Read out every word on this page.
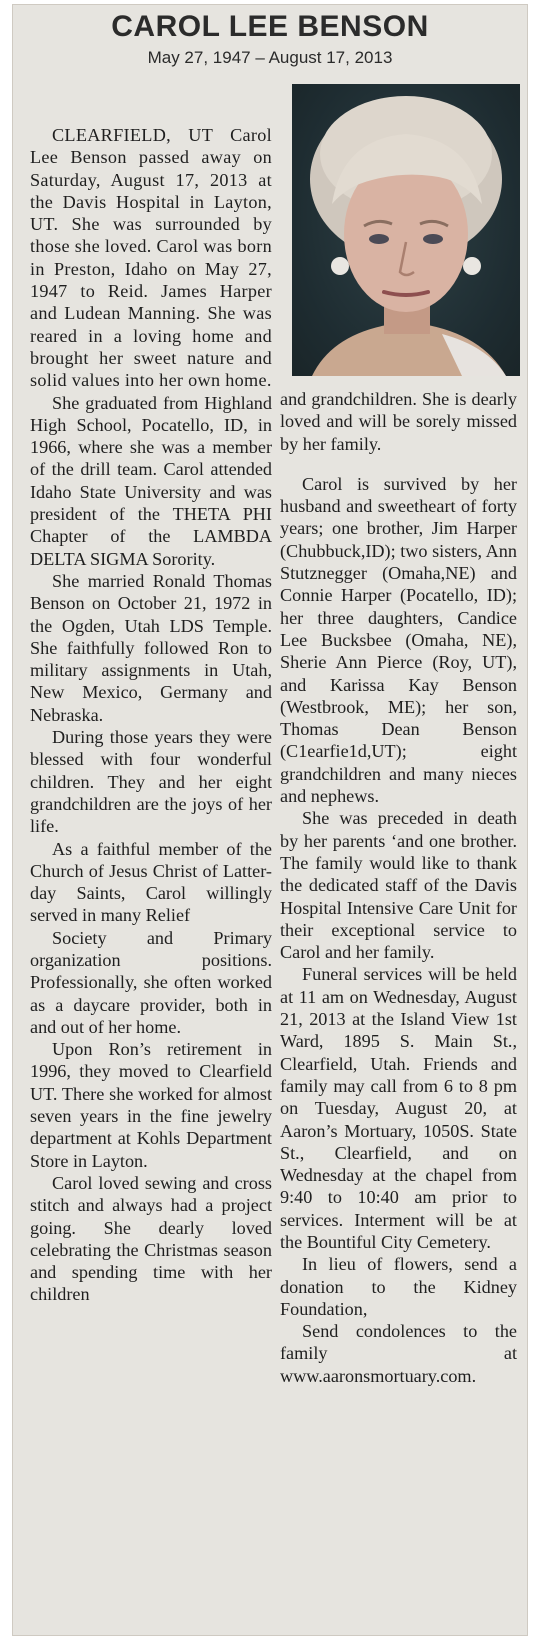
CAROL LEE BENSON
May 27, 1947 – August 17, 2013

CLEARFIELD, UT Carol Lee Benson passed away on Saturday, August 17, 2013 at the Davis Hospital in Layton, UT. She was surrounded by those she loved. Carol was born in Preston, Idaho on May 27, 1947 to Reid. James Harper and Ludean Manning. She was reared in a loving home and brought her sweet nature and solid values into her own home.

She graduated from Highland High School, Pocatello, ID, in 1966, where she was a member of the drill team. Carol attended Idaho State University and was president of the THETA PHI Chapter of the LAMBDA DELTA SIGMA Sorority.

She married Ronald Thomas Benson on October 21, 1972 in the Ogden, Utah LDS Temple. She faithfully followed Ron to military assignments in Utah, New Mexico, Germany and Nebraska.

During those years they were blessed with four wonderful children. They and her eight grandchildren are the joys of her life.

As a faithful member of the Church of Jesus Christ of Latter-day Saints, Carol willingly served in many Relief

Society and Primary organization positions. Professionally, she often worked as a daycare provider, both in and out of her home.

Upon Ron’s retirement in 1996, they moved to Clearfield UT. There she worked for almost seven years in the fine jewelry department at Kohls Department Store in Layton.

Carol loved sewing and cross stitch and always had a project going. She dearly loved celebrating the Christmas season and spending time with her children

and grandchildren. She is dearly loved and will be sorely missed by her family.

Carol is survived by her husband and sweetheart of forty years; one brother, Jim Harper (Chubbuck,ID); two sisters, Ann Stutznegger (Omaha,NE) and Connie Harper (Pocatello, ID); her three daughters, Candice Lee Bucksbee (Omaha, NE), Sherie Ann Pierce (Roy, UT), and Karissa Kay Benson (Westbrook, ME); her son, Thomas Dean Benson (C1earfie1d,UT); eight grandchildren and many nieces and nephews.

She was preceded in death by her parents ‘and one brother. The family would like to thank the dedicated staff of the Davis Hospital Intensive Care Unit for their exceptional service to Carol and her family.

Funeral services will be held at 11 am on Wednesday, August 21, 2013 at the Island View 1st Ward, 1895 S. Main St., Clearfield, Utah. Friends and family may call from 6 to 8 pm on Tuesday, August 20, at Aaron’s Mortuary, 1050S. State St., Clearfield, and on Wednesday at the chapel from 9:40 to 10:40 am prior to services. Interment will be at the Bountiful City Cemetery.

In lieu of flowers, send a donation to the Kidney Foundation,

Send condolences to the family at www.aaronsmortuary.com.
